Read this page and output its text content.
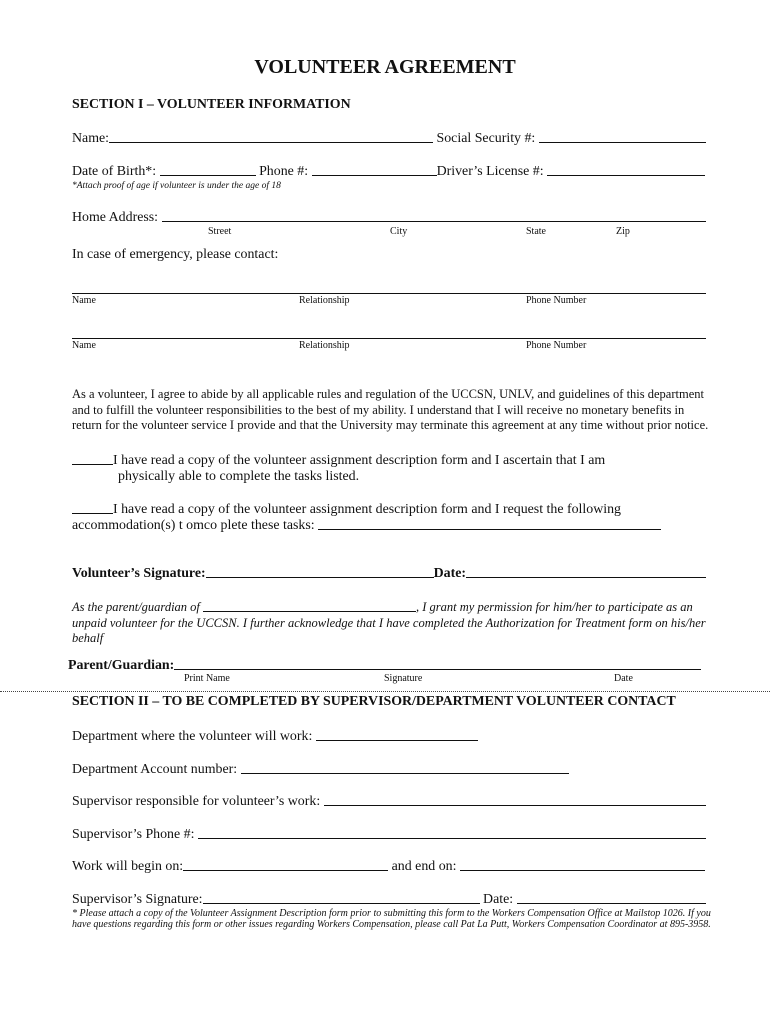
VOLUNTEER AGREEMENT
SECTION I – VOLUNTEER INFORMATION
Name:	Social Security #:
Date of Birth*:	Phone #:	Driver’s License #:
*Attach proof of age if volunteer is under the age of 18
Home Address:
Street	City	State	Zip
In case of emergency, please contact:
Name	Relationship	Phone Number
Name	Relationship	Phone Number
As a volunteer, I agree to abide by all applicable rules and regulation of the UCCSN, UNLV, and guidelines of this department
and to fulfill the volunteer responsibilities to the best of my ability. I understand that I will receive no monetary benefits in
return for the volunteer service I provide and that the University may terminate this agreement at any time without prior notice.
I have read a copy of the volunteer assignment description form and I ascertain that I am
physically able to complete the tasks listed.
I have read a copy of the volunteer assignment description form and I request the following
accommodation(s) t omco plete these tasks:
Volunteer’s Signature:	Date:
As the parent/guardian of	, I grant my permission for him/her to participate as an
unpaid volunteer for the UCCSN. I further acknowledge that I have completed the Authorization for Treatment form on his/her
behalf
Parent/Guardian:
Print Name	Signature	Date
SECTION II – TO BE COMPLETED BY SUPERVISOR/DEPARTMENT VOLUNTEER CONTACT
Department where the volunteer will work:
Department Account number:
Supervisor responsible for volunteer’s work:
Supervisor’s Phone #:
Work will begin on:	and end on:
Supervisor’s Signature:	Date:
* Please attach a copy of the Volunteer Assignment Description form prior to submitting this form to the Workers Compensation Office at Mailstop 1026. If you
have questions regarding this form or other issues regarding Workers Compensation, please call Pat La Putt, Workers Compensation Coordinator at 895-3958.
